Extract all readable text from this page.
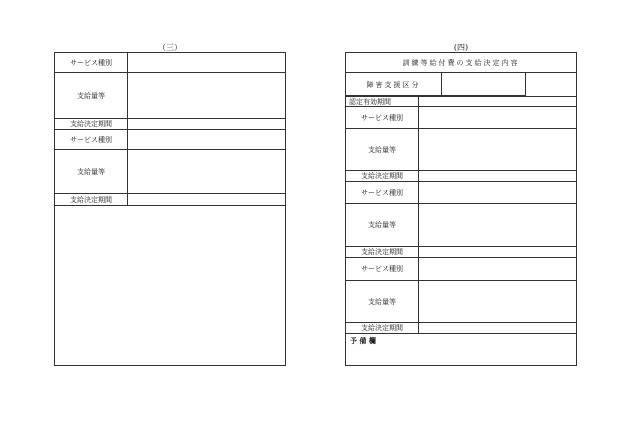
（三）
サービス種別
支給量等
支給決定期間
サービス種別
支給量等
支給決定期間
(四)
訓練等給付費の支給決定内容
障害支援区分
認定有効期間
サービス種別
支給量等
支給決定期間
サービス種別
支給量等
支給決定期間
サービス種別
支給量等
支給決定期間
予 備 欄
